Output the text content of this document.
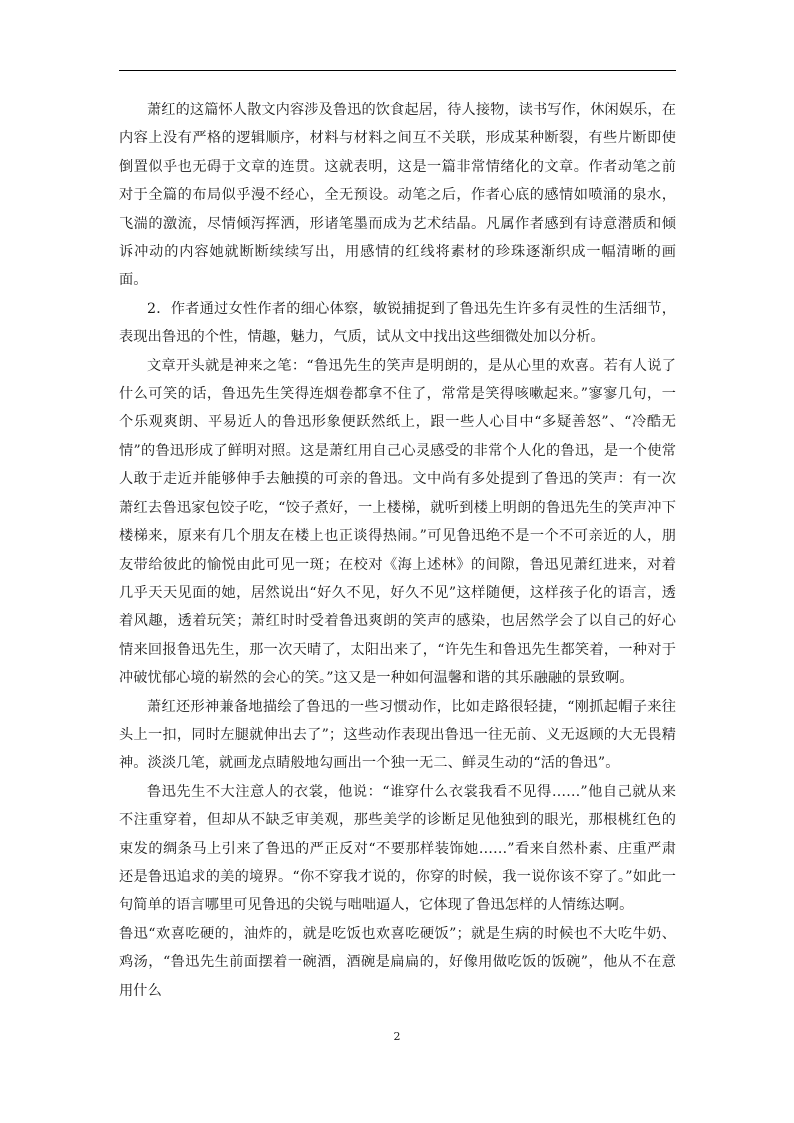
萧红的这篇怀人散文内容涉及鲁迅的饮食起居，待人接物，读书写作，休闲娱乐，在内容上没有严格的逻辑顺序，材料与材料之间互不关联，形成某种断裂，有些片断即使倒置似乎也无碍于文章的连贯。这就表明，这是一篇非常情绪化的文章。作者动笔之前对于全篇的布局似乎漫不经心，全无预设。动笔之后，作者心底的感情如喷涌的泉水，飞湍的激流，尽情倾泻挥洒，形诸笔墨而成为艺术结晶。凡属作者感到有诗意潜质和倾诉冲动的内容她就断断续续写出，用感情的红线将素材的珍珠逐渐织成一幅清晰的画面。

2．作者通过女性作者的细心体察，敏锐捕捉到了鲁迅先生许多有灵性的生活细节，表现出鲁迅的个性，情趣，魅力，气质，试从文中找出这些细微处加以分析。

文章开头就是神来之笔：“鲁迅先生的笑声是明朗的，是从心里的欢喜。若有人说了什么可笑的话，鲁迅先生笑得连烟卷都拿不住了，常常是笑得咳嗽起来。”寥寥几句，一个乐观爽朗、平易近人的鲁迅形象便跃然纸上，跟一些人心目中“多疑善怒”、“冷酷无情”的鲁迅形成了鲜明对照。这是萧红用自己心灵感受的非常个人化的鲁迅，是一个使常人敢于走近并能够伸手去触摸的可亲的鲁迅。文中尚有多处提到了鲁迅的笑声：有一次萧红去鲁迅家包饺子吃，“饺子煮好，一上楼梯，就听到楼上明朗的鲁迅先生的笑声冲下楼梯来，原来有几个朋友在楼上也正谈得热闹。”可见鲁迅绝不是一个不可亲近的人，朋友带给彼此的愉悦由此可见一斑；在校对《海上述林》的间隙，鲁迅见萧红进来，对着几乎天天见面的她，居然说出“好久不见，好久不见”这样随便，这样孩子化的语言，透着风趣，透着玩笑；萧红时时受着鲁迅爽朗的笑声的感染，也居然学会了以自己的好心情来回报鲁迅先生，那一次天晴了，太阳出来了，“许先生和鲁迅先生都笑着，一种对于冲破忧郁心境的崭然的会心的笑。”这又是一种如何温馨和谐的其乐融融的景致啊。

萧红还形神兼备地描绘了鲁迅的一些习惯动作，比如走路很轻捷，“刚抓起帽子来往头上一扣，同时左腿就伸出去了”；这些动作表现出鲁迅一往无前、义无返顾的大无畏精神。淡淡几笔，就画龙点睛般地勾画出一个独一无二、鲜灵生动的“活的鲁迅”。

鲁迅先生不大注意人的衣裳，他说：“谁穿什么衣裳我看不见得……”他自己就从来不注重穿着，但却从不缺乏审美观，那些美学的诊断足见他独到的眼光，那根桃红色的束发的绸条马上引来了鲁迅的严正反对“不要那样装饰她……”看来自然朴素、庄重严肃还是鲁迅追求的美的境界。“你不穿我才说的，你穿的时候，我一说你该不穿了。”如此一句简单的语言哪里可见鲁迅的尖锐与咄咄逼人，它体现了鲁迅怎样的人情练达啊。

鲁迅“欢喜吃硬的，油炸的，就是吃饭也欢喜吃硬饭”；就是生病的时候也不大吃牛奶、鸡汤，“鲁迅先生前面摆着一碗酒，酒碗是扁扁的，好像用做吃饭的饭碗”，他从不在意用什么

2
